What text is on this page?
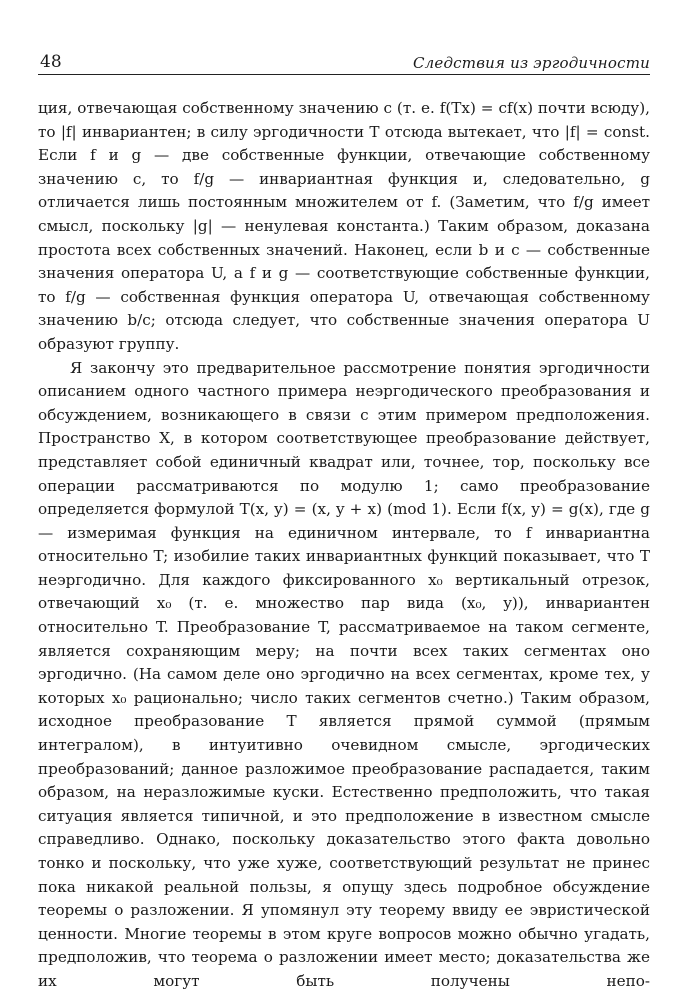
48	Следствия из эргодичности

ция, отвечающая собственному значению c (т. е. f(Tx) = cf(x) почти всюду), то |f| инвариантен; в силу эргодичности T отсюда вытекает, что |f| = const. Если f и g — две собственные функции, отвечающие собственному значению c, то f/g — инвариантная функция и, следовательно, g отличается лишь постоянным множителем от f. (Заметим, что f/g имеет смысл, поскольку |g| — ненулевая константа.) Таким образом, доказана простота всех собственных значений. Наконец, если b и c — собственные значения оператора U, а f и g — соответствующие собственные функции, то f/g — собственная функция оператора U, отвечающая собственному значению b/c; отсюда следует, что собственные значения оператора U образуют группу.

Я закончу это предварительное рассмотрение понятия эргодичности описанием одного частного примера неэргодического преобразования и обсуждением, возникающего в связи с этим примером предположения. Пространство X, в котором соответствующее преобразование действует, представляет собой единичный квадрат или, точнее, тор, поскольку все операции рассматриваются по модулю 1; само преобразование определяется формулой T(x, y) = (x, y + x) (mod 1). Если f(x, y) = g(x), где g — измеримая функция на единичном интервале, то f инвариантна относительно T; изобилие таких инвариантных функций показывает, что T неэргодично. Для каждого фиксированного x₀ вертикальный отрезок, отвечающий x₀ (т. е. множество пар вида (x₀, y)), инвариантен относительно T. Преобразование T, рассматриваемое на таком сегменте, является сохраняющим меру; на почти всех таких сегментах оно эргодично. (На самом деле оно эргодично на всех сегментах, кроме тех, у которых x₀ рационально; число таких сегментов счетно.) Таким образом, исходное преобразование T является прямой суммой (прямым интегралом), в интуитивно очевидном смысле, эргодических преобразований; данное разложимое преобразование распадается, таким образом, на неразложимые куски. Естественно предположить, что такая ситуация является типичной, и это предположение в известном смысле справедливо. Однако, поскольку доказательство этого факта довольно тонко и поскольку, что уже хуже, соответствующий результат не принес пока никакой реальной пользы, я опущу здесь подробное обсуждение теоремы о разложении. Я упомянул эту теорему ввиду ее эвристической ценности. Многие теоремы в этом круге вопросов можно обычно угадать, предположив, что теорема о разложении имеет место; доказательства же их могут быть получены непо-
